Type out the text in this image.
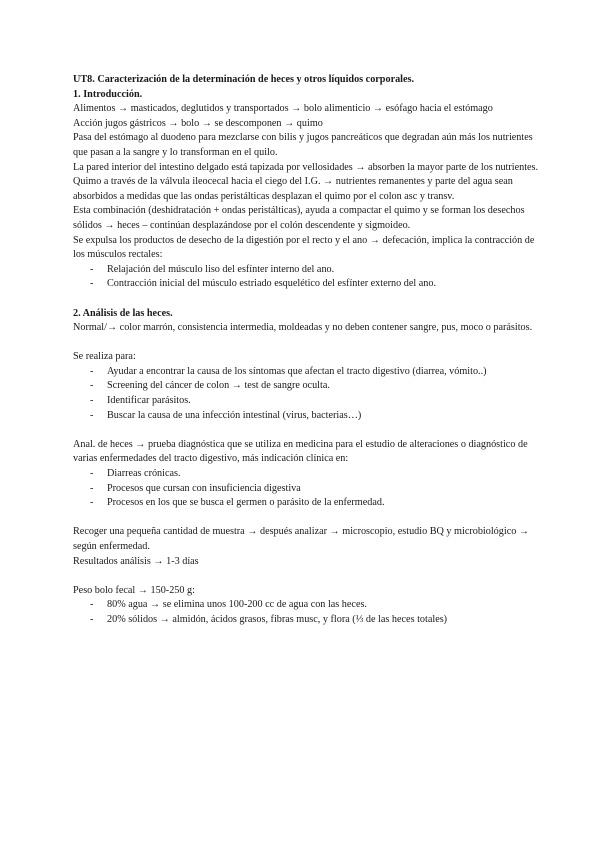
UT8. Caracterización de la determinación de heces y otros líquidos corporales.

1. Introducción.

Alimentos → masticados, deglutidos y transportados → bolo alimenticio → esófago hacia el estómago

Acción jugos gástricos → bolo → se descomponen → quimo

Pasa del estómago al duodeno para mezclarse con bilis y jugos pancreáticos que degradan aún más los nutrientes que pasan a la sangre y lo transforman en el quilo.

La pared interior del intestino delgado está tapizada por vellosidades → absorben la mayor parte de los nutrientes.

Quimo a través de la válvula ileocecal hacia el ciego del I.G. → nutrientes remanentes y parte del agua sean absorbidos a medidas que las ondas peristálticas desplazan el quimo por el colon asc y transv.

Esta combinación (deshidratación + ondas peristálticas), ayuda a compactar el quimo y se forman los desechos sólidos → heces – continúan desplazándose por el colón descendente y sigmoideo.

Se expulsa los productos de desecho de la digestión por el recto y el ano → defecación, implica la contracción de los músculos rectales:

- Relajación del músculo liso del esfínter interno del ano.
- Contracción inicial del músculo estriado esquelético del esfínter externo del ano.

2. Análisis de las heces.

Normal/→ color marrón, consistencia intermedia, moldeadas y no deben contener sangre, pus, moco o parásitos.

Se realiza para:

- Ayudar a encontrar la causa de los síntomas que afectan el tracto digestivo (diarrea, vómito..)
- Screening del cáncer de colon → test de sangre oculta.
- Identificar parásitos.
- Buscar la causa de una infección intestinal (virus, bacterias…)

Anal. de heces → prueba diagnóstica que se utiliza en medicina para el estudio de alteraciones o diagnóstico de varias enfermedades del tracto digestivo, más indicación clínica en:

- Diarreas crónicas.
- Procesos que cursan con insuficiencia digestiva
- Procesos en los que se busca el germen o parásito de la enfermedad.

Recoger una pequeña cantidad de muestra → después analizar → microscopio, estudio BQ y microbiológico → según enfermedad.

Resultados análisis → 1-3 días

Peso bolo fecal → 150-250 g:

- 80% agua → se elimina unos 100-200 cc de agua con las heces.
- 20% sólidos → almidón, ácidos grasos, fibras musc, y flora (⅓ de las heces totales)
